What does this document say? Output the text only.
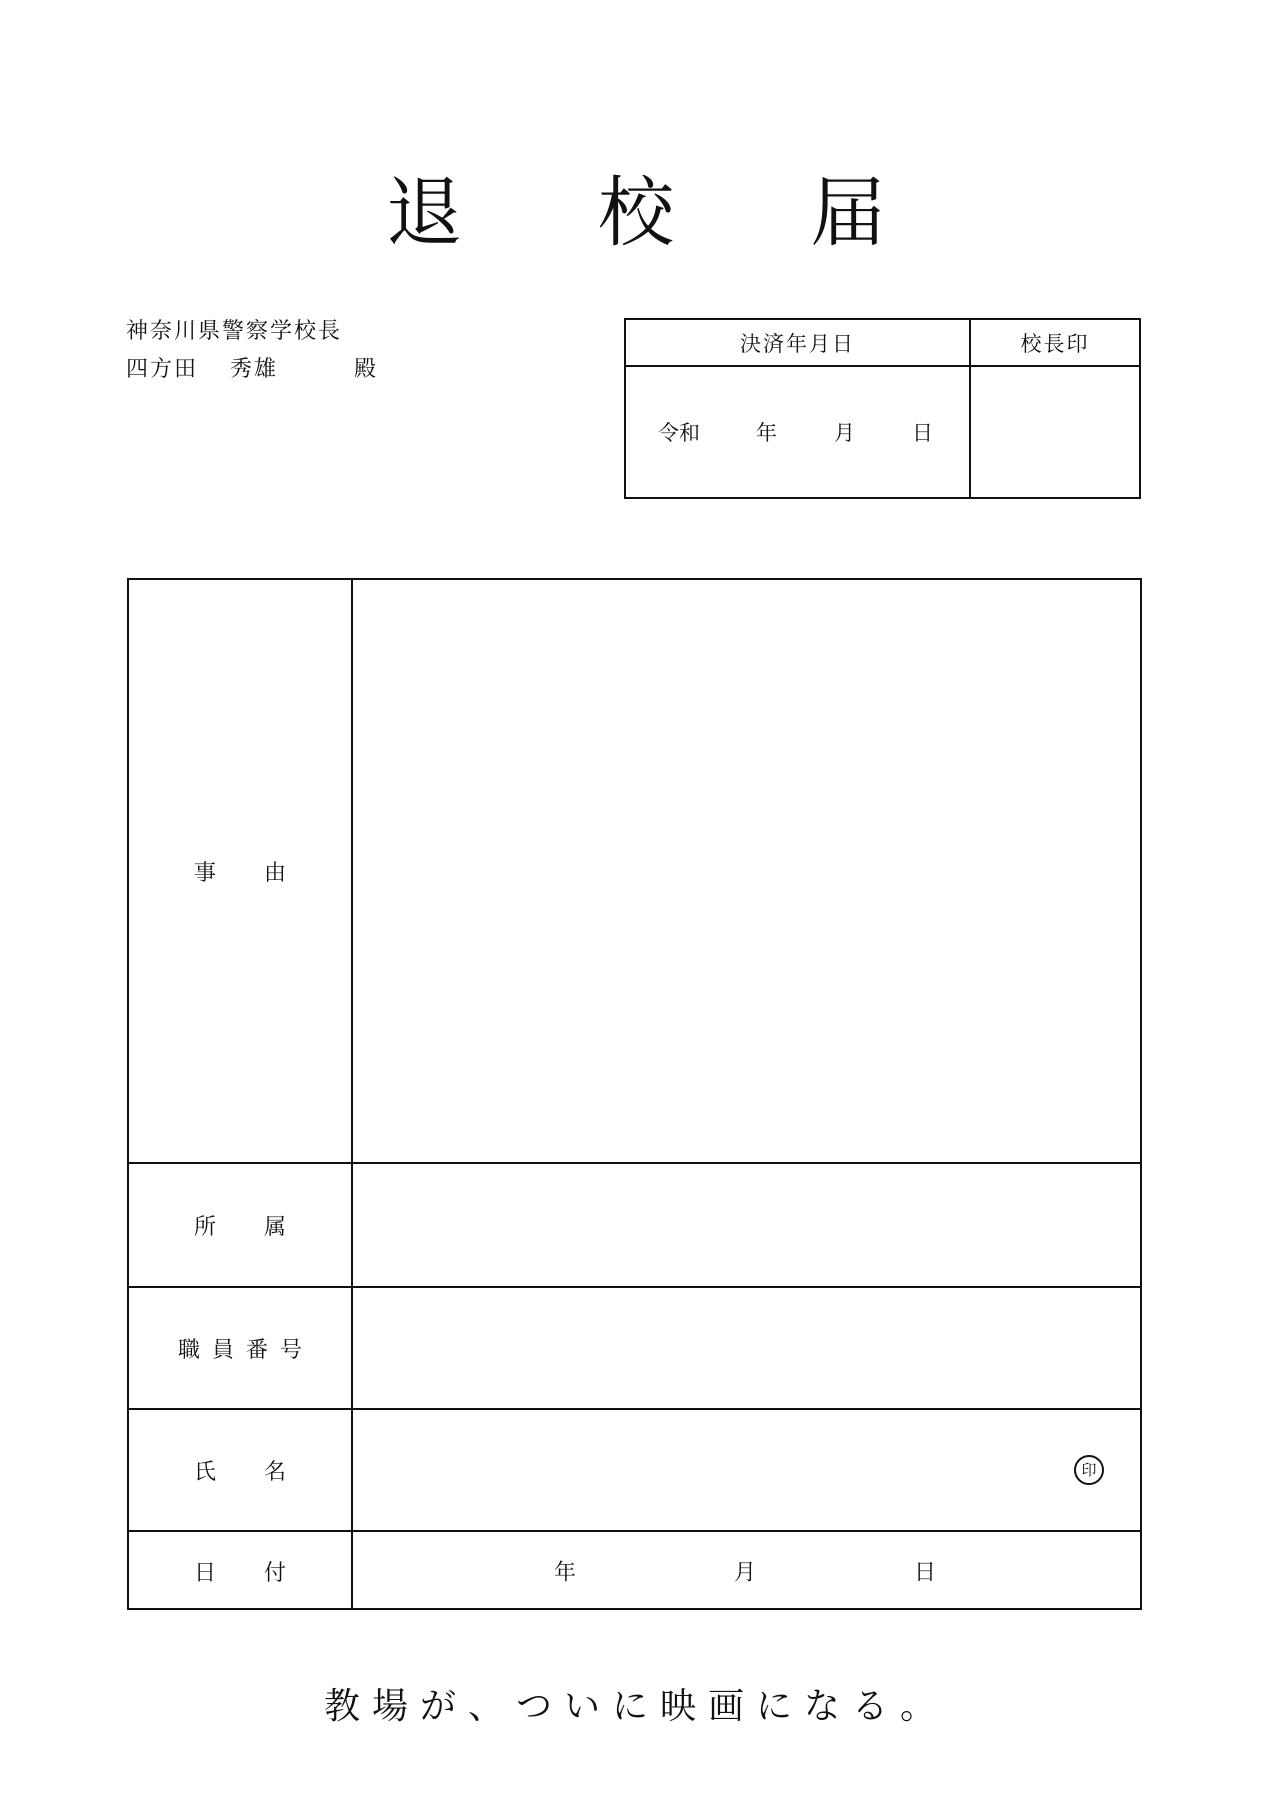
退 校 届
神奈川県警察学校長
四方田	秀雄	殿
決済年月日	校長印
令和	年	月	日
事由
所属
職員番号
氏名	印
日付	年	月	日
教場が、ついに映画になる。
